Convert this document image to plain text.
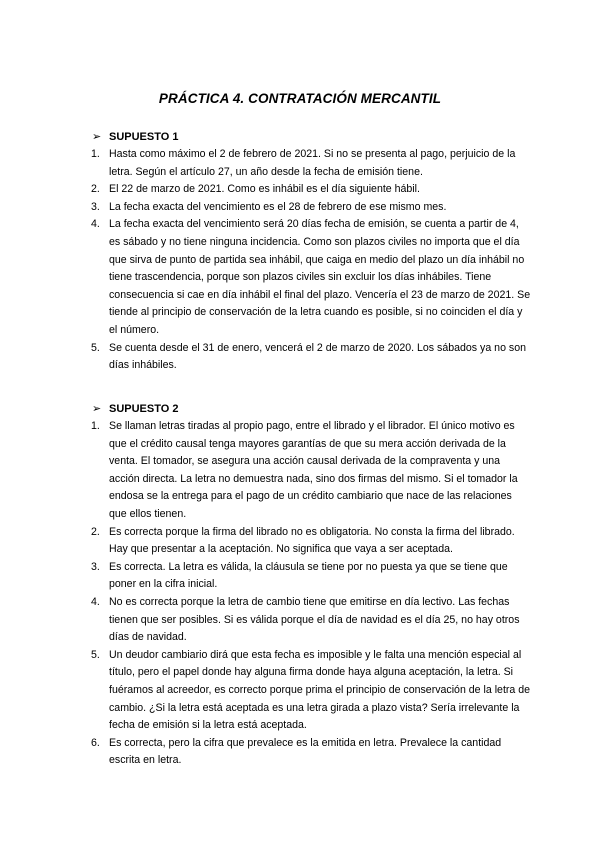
PRÁCTICA 4. CONTRATACIÓN MERCANTIL
➢ SUPUESTO 1
1. Hasta como máximo el 2 de febrero de 2021. Si no se presenta al pago, perjuicio de la letra. Según el artículo 27, un año desde la fecha de emisión tiene.
2. El 22 de marzo de 2021. Como es inhábil es el día siguiente hábil.
3. La fecha exacta del vencimiento es el 28 de febrero de ese mismo mes.
4. La fecha exacta del vencimiento será 20 días fecha de emisión, se cuenta a partir de 4, es sábado y no tiene ninguna incidencia. Como son plazos civiles no importa que el día que sirva de punto de partida sea inhábil, que caiga en medio del plazo un día inhábil no tiene trascendencia, porque son plazos civiles sin excluir los días inhábiles. Tiene consecuencia si cae en día inhábil el final del plazo. Vencería el 23 de marzo de 2021. Se tiende al principio de conservación de la letra cuando es posible, si no coinciden el día y el número.
5. Se cuenta desde el 31 de enero, vencerá el 2 de marzo de 2020. Los sábados ya no son días inhábiles.
➢ SUPUESTO 2
1. Se llaman letras tiradas al propio pago, entre el librado y el librador. El único motivo es que el crédito causal tenga mayores garantías de que su mera acción derivada de la venta. El tomador, se asegura una acción causal derivada de la compraventa y una acción directa. La letra no demuestra nada, sino dos firmas del mismo. Si el tomador la endosa se la entrega para el pago de un crédito cambiario que nace de las relaciones que ellos tienen.
2. Es correcta porque la firma del librado no es obligatoria. No consta la firma del librado. Hay que presentar a la aceptación. No significa que vaya a ser aceptada.
3. Es correcta. La letra es válida, la cláusula se tiene por no puesta ya que se tiene que poner en la cifra inicial.
4. No es correcta porque la letra de cambio tiene que emitirse en día lectivo. Las fechas tienen que ser posibles. Si es válida porque el día de navidad es el día 25, no hay otros días de navidad.
5. Un deudor cambiario dirá que esta fecha es imposible y le falta una mención especial al título, pero el papel donde hay alguna firma donde haya alguna aceptación, la letra. Si fuéramos al acreedor, es correcto porque prima el principio de conservación de la letra de cambio. ¿Si la letra está aceptada es una letra girada a plazo vista? Sería irrelevante la fecha de emisión si la letra está aceptada.
6. Es correcta, pero la cifra que prevalece es la emitida en letra. Prevalece la cantidad escrita en letra.
